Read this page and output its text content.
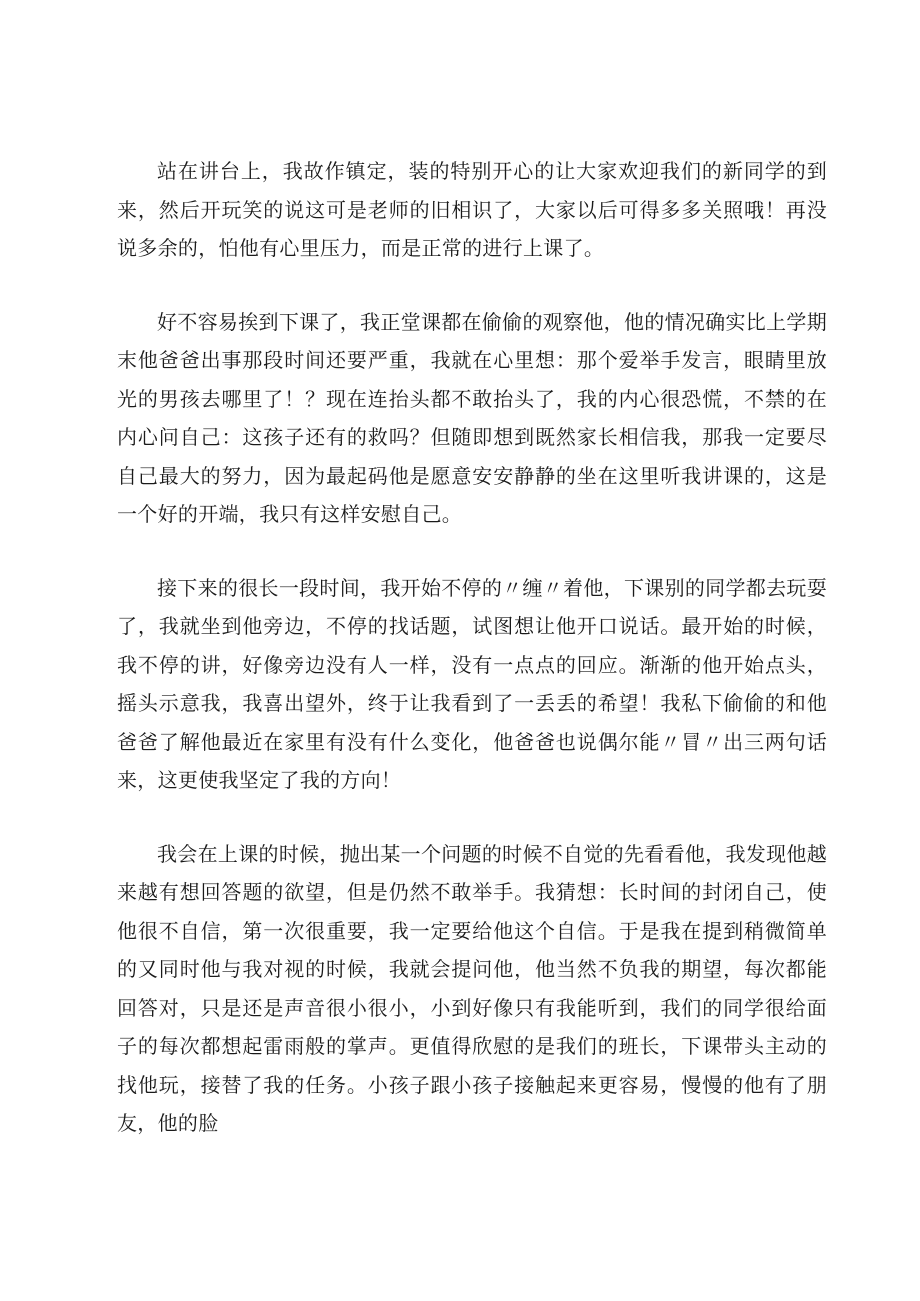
站在讲台上，我故作镇定，装的特别开心的让大家欢迎我们的新同学的到来，然后开玩笑的说这可是老师的旧相识了，大家以后可得多多关照哦！再没说多余的，怕他有心里压力，而是正常的进行上课了。

好不容易挨到下课了，我正堂课都在偷偷的观察他，他的情况确实比上学期末他爸爸出事那段时间还要严重，我就在心里想：那个爱举手发言，眼睛里放光的男孩去哪里了！？现在连抬头都不敢抬头了，我的内心很恐慌，不禁的在内心问自己：这孩子还有的救吗？但随即想到既然家长相信我，那我一定要尽自己最大的努力，因为最起码他是愿意安安静静的坐在这里听我讲课的，这是一个好的开端，我只有这样安慰自己。

接下来的很长一段时间，我开始不停的〃缠〃着他，下课别的同学都去玩耍了，我就坐到他旁边，不停的找话题，试图想让他开口说话。最开始的时候，我不停的讲，好像旁边没有人一样，没有一点点的回应。渐渐的他开始点头，摇头示意我，我喜出望外，终于让我看到了一丢丢的希望！我私下偷偷的和他爸爸了解他最近在家里有没有什么变化，他爸爸也说偶尔能〃冒〃出三两句话来，这更使我坚定了我的方向！

我会在上课的时候，抛出某一个问题的时候不自觉的先看看他，我发现他越来越有想回答题的欲望，但是仍然不敢举手。我猜想：长时间的封闭自己，使他很不自信，第一次很重要，我一定要给他这个自信。于是我在提到稍微简单的又同时他与我对视的时候，我就会提问他，他当然不负我的期望，每次都能回答对，只是还是声音很小很小，小到好像只有我能听到，我们的同学很给面子的每次都想起雷雨般的掌声。更值得欣慰的是我们的班长，下课带头主动的找他玩，接替了我的任务。小孩子跟小孩子接触起来更容易，慢慢的他有了朋友，他的脸
